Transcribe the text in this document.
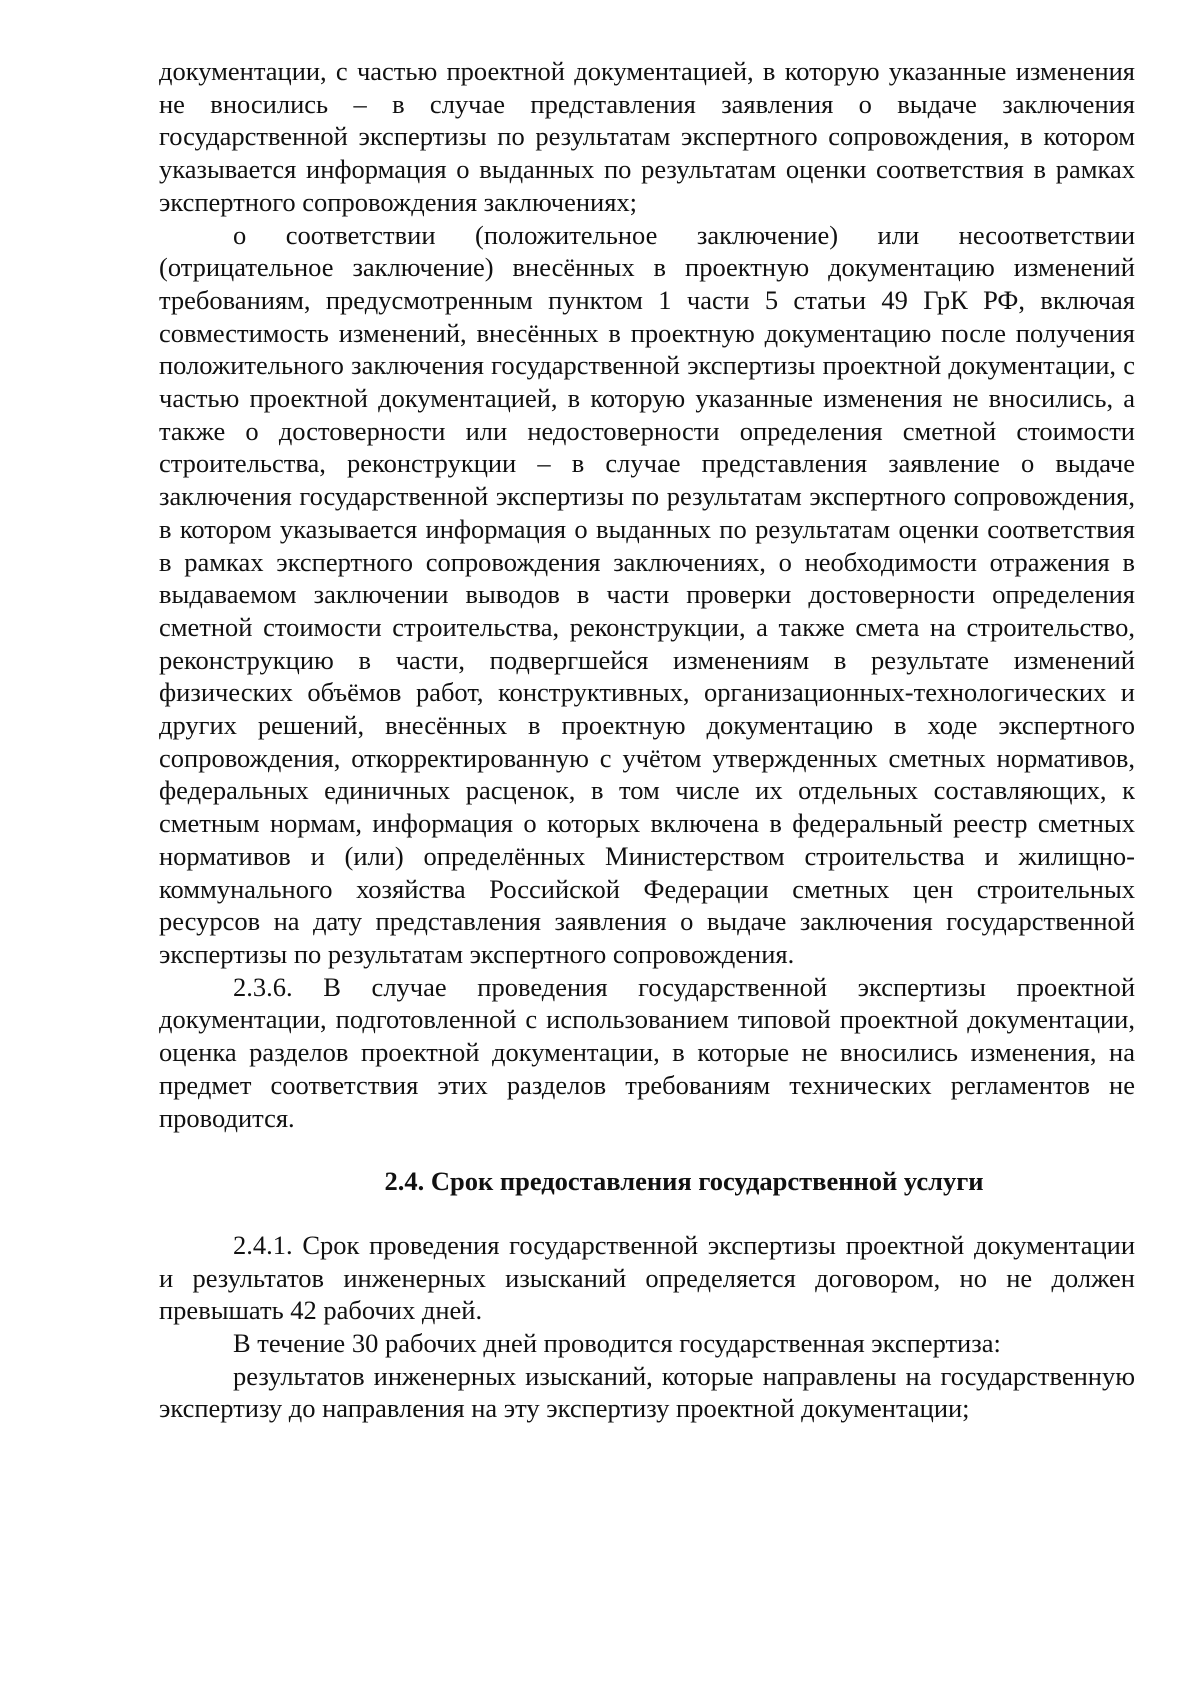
документации, с частью проектной документацией, в которую указанные изменения не вносились – в случае представления заявления о выдаче заключения государственной экспертизы по результатам экспертного сопровождения, в котором указывается информация о выданных по результатам оценки соответствия в рамках экспертного сопровождения заключениях;

о соответствии (положительное заключение) или несоответствии (отрицательное заключение) внесённых в проектную документацию изменений требованиям, предусмотренным пунктом 1 части 5 статьи 49 ГрК РФ, включая совместимость изменений, внесённых в проектную документацию после получения положительного заключения государственной экспертизы проектной документации, с частью проектной документацией, в которую указанные изменения не вносились, а также о достоверности или недостоверности определения сметной стоимости строительства, реконструкции – в случае представления заявление о выдаче заключения государственной экспертизы по результатам экспертного сопровождения, в котором указывается информация о выданных по результатам оценки соответствия в рамках экспертного сопровождения заключениях, о необходимости отражения в выдаваемом заключении выводов в части проверки достоверности определения сметной стоимости строительства, реконструкции, а также смета на строительство, реконструкцию в части, подвергшейся изменениям в результате изменений физических объёмов работ, конструктивных, организационных-технологических и других решений, внесённых в проектную документацию в ходе экспертного сопровождения, откорректированную с учётом утвержденных сметных нормативов, федеральных единичных расценок, в том числе их отдельных составляющих, к сметным нормам, информация о которых включена в федеральный реестр сметных нормативов и (или) определённых Министерством строительства и жилищно-коммунального хозяйства Российской Федерации сметных цен строительных ресурсов на дату представления заявления о выдаче заключения государственной экспертизы по результатам экспертного сопровождения.

2.3.6. В случае проведения государственной экспертизы проектной документации, подготовленной с использованием типовой проектной документации, оценка разделов проектной документации, в которые не вносились изменения, на предмет соответствия этих разделов требованиям технических регламентов не проводится.

2.4. Срок предоставления государственной услуги

2.4.1. Срок проведения государственной экспертизы проектной документации и результатов инженерных изысканий определяется договором, но не должен превышать 42 рабочих дней.

В течение 30 рабочих дней проводится государственная экспертиза:

результатов инженерных изысканий, которые направлены на государственную экспертизу до направления на эту экспертизу проектной документации;
